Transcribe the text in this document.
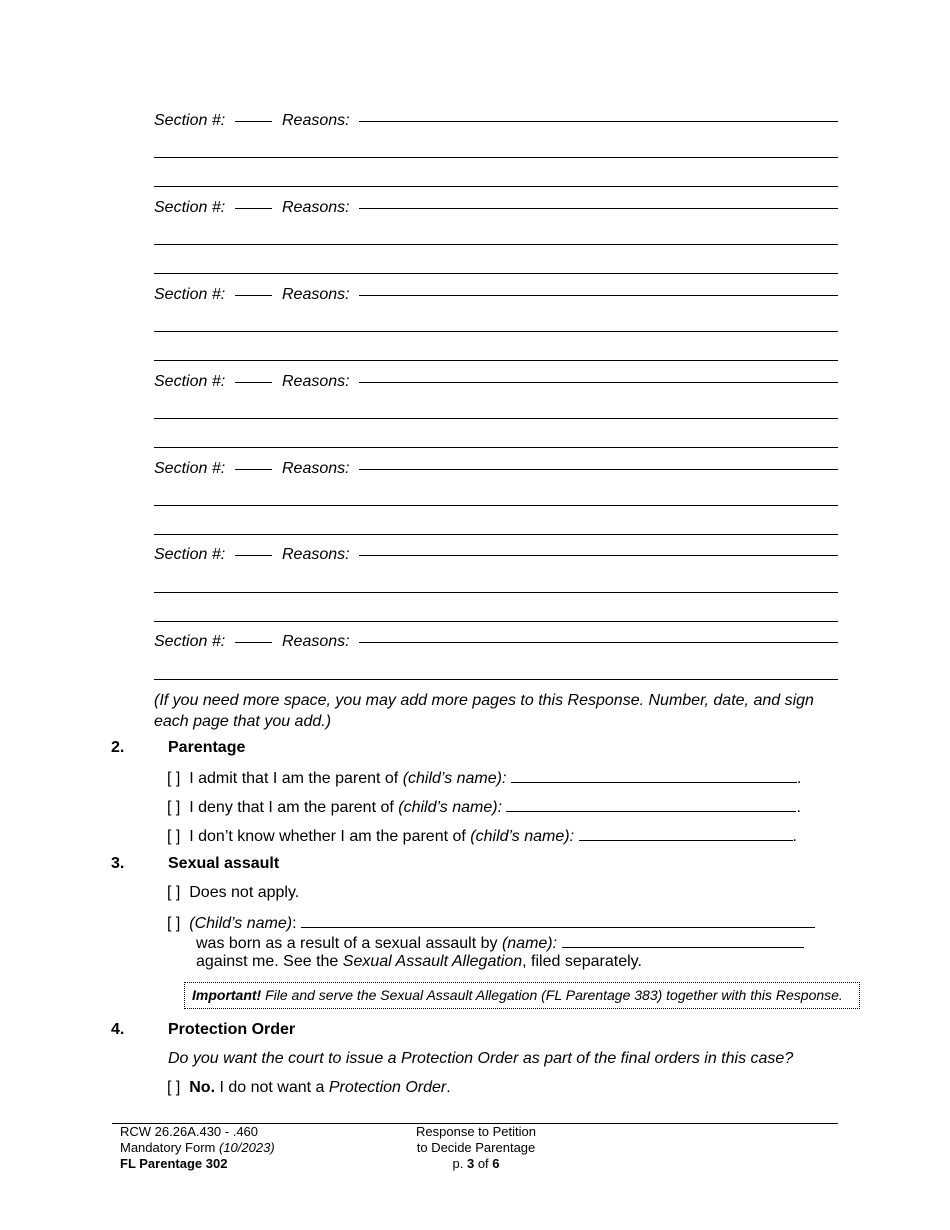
Section #:	Reasons:
Section #:	Reasons:
Section #:	Reasons:
Section #:	Reasons:
Section #:	Reasons:
Section #:	Reasons:
Section #:	Reasons:
(If you need more space, you may add more pages to this Response. Number, date, and sign each page that you add.)
2.	Parentage
[ ] I admit that I am the parent of (child’s name):	.
[ ] I deny that I am the parent of (child’s name):	.
[ ] I don’t know whether I am the parent of (child’s name):	.
3.	Sexual assault
[ ] Does not apply.
[ ] (Child’s name):
was born as a result of a sexual assault by (name):
against me. See the Sexual Assault Allegation, filed separately.
Important! File and serve the Sexual Assault Allegation (FL Parentage 383) together with this Response.
4.	Protection Order
Do you want the court to issue a Protection Order as part of the final orders in this case?
[ ] No. I do not want a Protection Order.
RCW 26.26A.430 - .460
Mandatory Form (10/2023)
FL Parentage 302
Response to Petition
to Decide Parentage
p. 3 of 6
